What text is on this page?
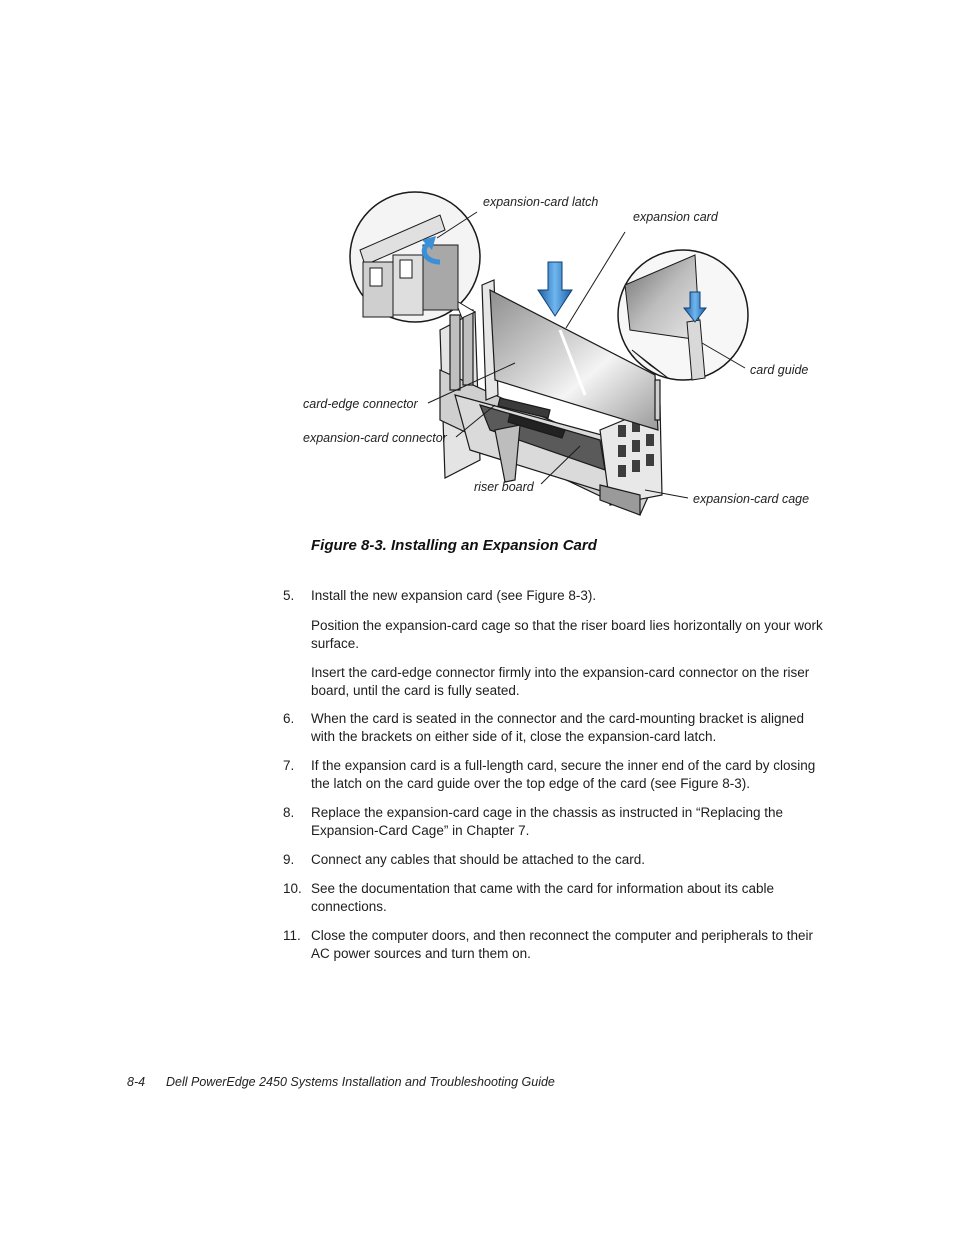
expansion-card latch
expansion card
card guide
card-edge connector
expansion-card connector
riser board
expansion-card cage
Figure 8-3. Installing an Expansion Card
5. Install the new expansion card (see Figure 8-3).
Position the expansion-card cage so that the riser board lies horizontally on your work surface.
Insert the card-edge connector firmly into the expansion-card connector on the riser board, until the card is fully seated.
6. When the card is seated in the connector and the card-mounting bracket is aligned with the brackets on either side of it, close the expansion-card latch.
7. If the expansion card is a full-length card, secure the inner end of the card by closing the latch on the card guide over the top edge of the card (see Figure 8-3).
8. Replace the expansion-card cage in the chassis as instructed in “Replacing the Expansion-Card Cage” in Chapter 7.
9. Connect any cables that should be attached to the card.
10. See the documentation that came with the card for information about its cable connections.
11. Close the computer doors, and then reconnect the computer and peripherals to their AC power sources and turn them on.
8-4 Dell PowerEdge 2450 Systems Installation and Troubleshooting Guide
